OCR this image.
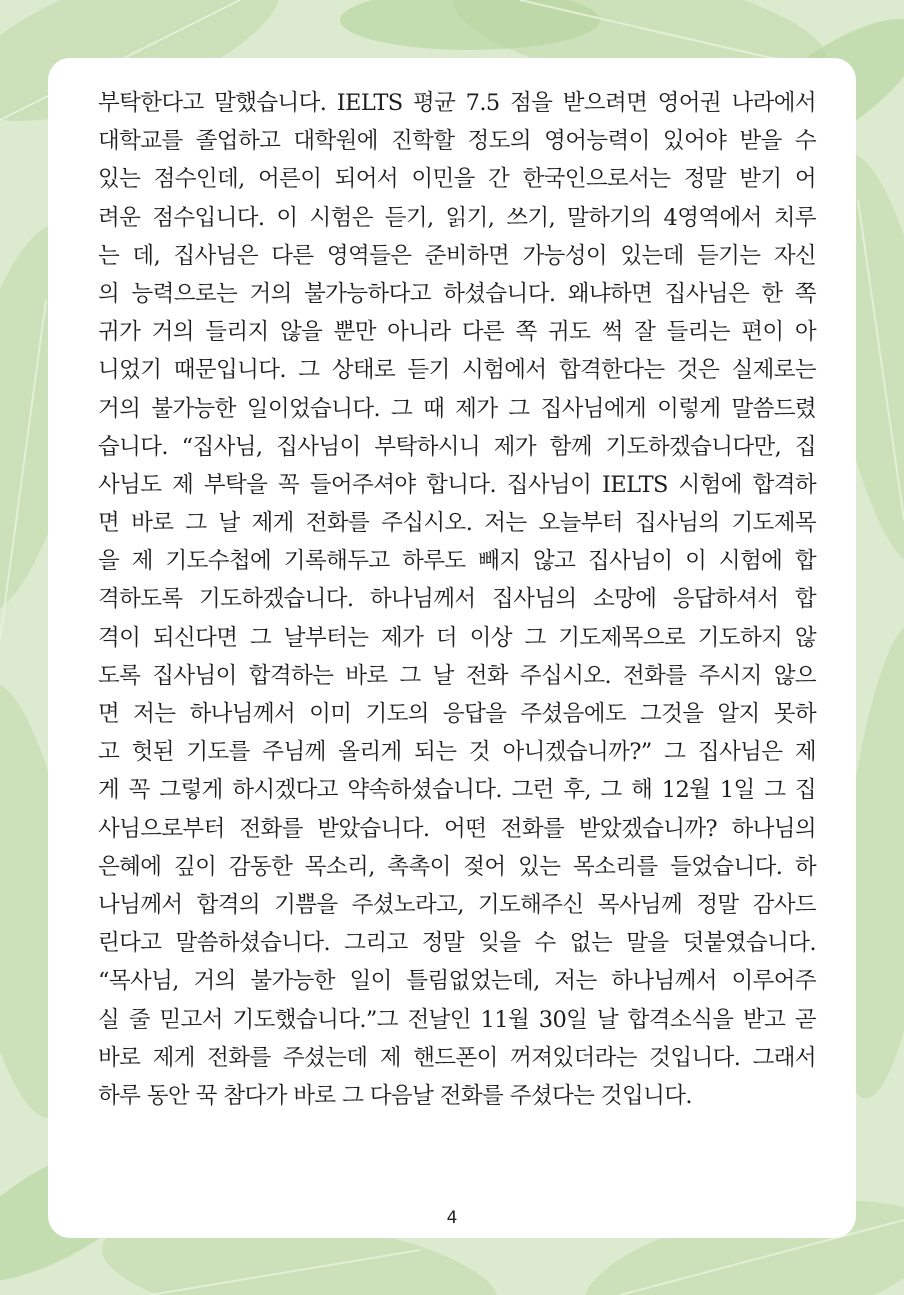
부탁한다고 말했습니다. IELTS 평균 7.5 점을 받으려면 영어권 나라에서
대학교를 졸업하고 대학원에 진학할 정도의 영어능력이 있어야 받을 수
있는 점수인데, 어른이 되어서 이민을 간 한국인으로서는 정말 받기 어
려운 점수입니다. 이 시험은 듣기, 읽기, 쓰기, 말하기의 4영역에서 치루
는 데, 집사님은 다른 영역들은 준비하면 가능성이 있는데 듣기는 자신
의 능력으로는 거의 불가능하다고 하셨습니다. 왜냐하면 집사님은 한 쪽
귀가 거의 들리지 않을 뿐만 아니라 다른 쪽 귀도 썩 잘 들리는 편이 아
니었기 때문입니다. 그 상태로 듣기 시험에서 합격한다는 것은 실제로는
거의 불가능한 일이었습니다. 그 때 제가 그 집사님에게 이렇게 말씀드렸
습니다. “집사님, 집사님이 부탁하시니 제가 함께 기도하겠습니다만, 집
사님도 제 부탁을 꼭 들어주셔야 합니다. 집사님이 IELTS 시험에 합격하
면 바로 그 날 제게 전화를 주십시오. 저는 오늘부터 집사님의 기도제목
을 제 기도수첩에 기록해두고 하루도 빼지 않고 집사님이 이 시험에 합
격하도록 기도하겠습니다. 하나님께서 집사님의 소망에 응답하셔서 합
격이 되신다면 그 날부터는 제가 더 이상 그 기도제목으로 기도하지 않
도록 집사님이 합격하는 바로 그 날 전화 주십시오. 전화를 주시지 않으
면 저는 하나님께서 이미 기도의 응답을 주셨음에도 그것을 알지 못하
고 헛된 기도를 주님께 올리게 되는 것 아니겠습니까?” 그 집사님은 제
게 꼭 그렇게 하시겠다고 약속하셨습니다. 그런 후, 그 해 12월 1일 그 집
사님으로부터 전화를 받았습니다. 어떤 전화를 받았겠습니까? 하나님의
은혜에 깊이 감동한 목소리, 촉촉이 젖어 있는 목소리를 들었습니다. 하
나님께서 합격의 기쁨을 주셨노라고, 기도해주신 목사님께 정말 감사드
린다고 말씀하셨습니다. 그리고 정말 잊을 수 없는 말을 덧붙였습니다.
“목사님, 거의 불가능한 일이 틀림없었는데, 저는 하나님께서 이루어주
실 줄 믿고서 기도했습니다.”그 전날인 11월 30일 날 합격소식을 받고 곧
바로 제게 전화를 주셨는데 제 핸드폰이 꺼져있더라는 것입니다. 그래서
하루 동안 꾹 참다가 바로 그 다음날 전화를 주셨다는 것입니다.
4
